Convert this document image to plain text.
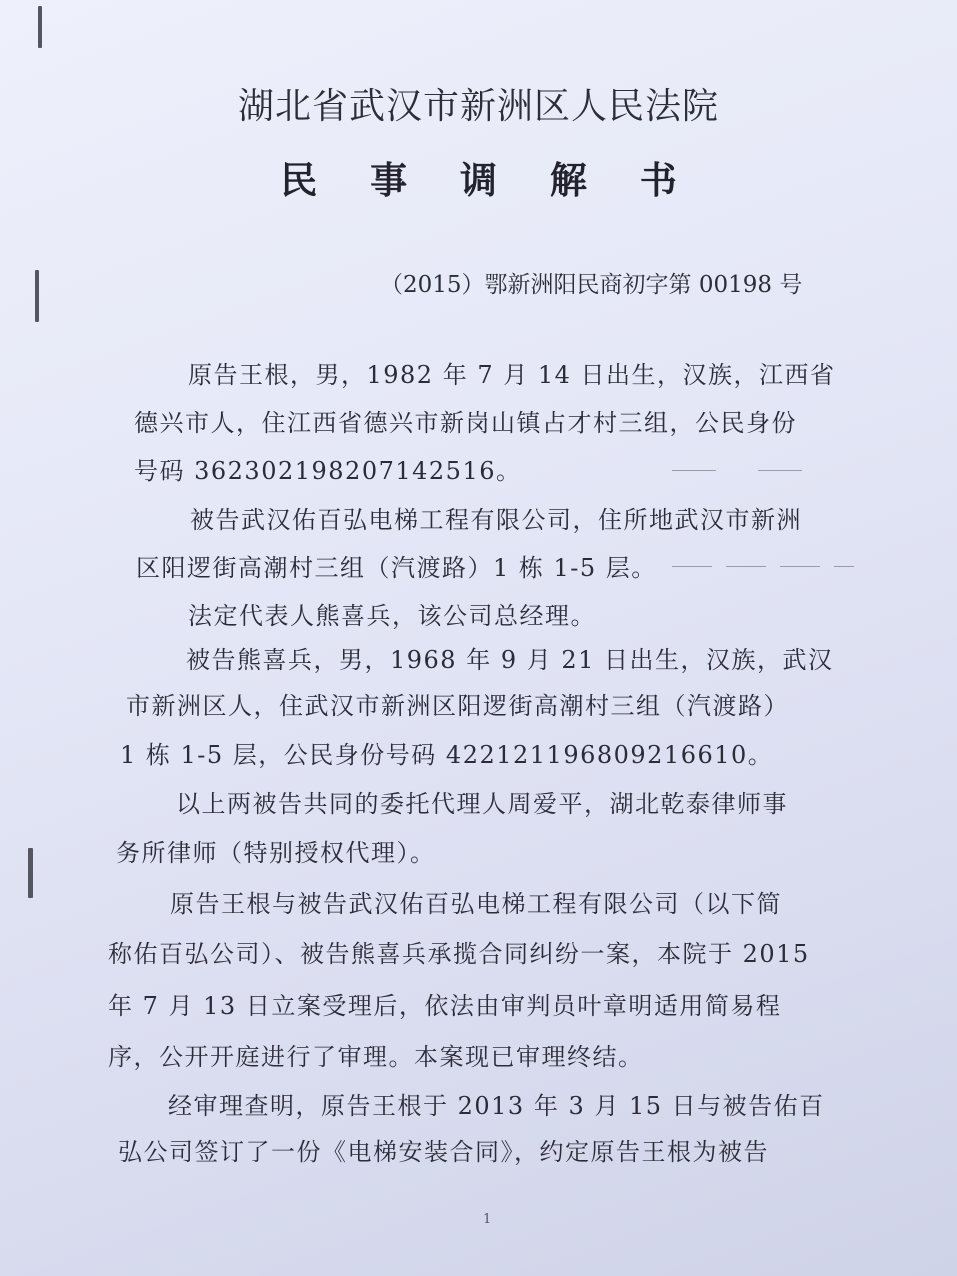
湖北省武汉市新洲区人民法院
民 事 调 解 书
（2015）鄂新洲阳民商初字第 00198 号
原告王根，男，1982 年 7 月 14 日出生，汉族，江西省
德兴市人，住江西省德兴市新岗山镇占才村三组，公民身份
号码 362302198207142516。
被告武汉佑百弘电梯工程有限公司，住所地武汉市新洲
区阳逻街高潮村三组（汽渡路）1 栋 1-5 层。
法定代表人熊喜兵，该公司总经理。
被告熊喜兵，男，1968 年 9 月 21 日出生，汉族，武汉
市新洲区人，住武汉市新洲区阳逻街高潮村三组（汽渡路）
1 栋 1-5 层，公民身份号码 422121196809216610。
以上两被告共同的委托代理人周爱平，湖北乾泰律师事
务所律师（特别授权代理）。
原告王根与被告武汉佑百弘电梯工程有限公司（以下简
称佑百弘公司）、被告熊喜兵承揽合同纠纷一案，本院于 2015
年 7 月 13 日立案受理后，依法由审判员叶章明适用简易程
序，公开开庭进行了审理。本案现已审理终结。
经审理查明，原告王根于 2013 年 3 月 15 日与被告佑百
弘公司签订了一份《电梯安装合同》，约定原告王根为被告
1
